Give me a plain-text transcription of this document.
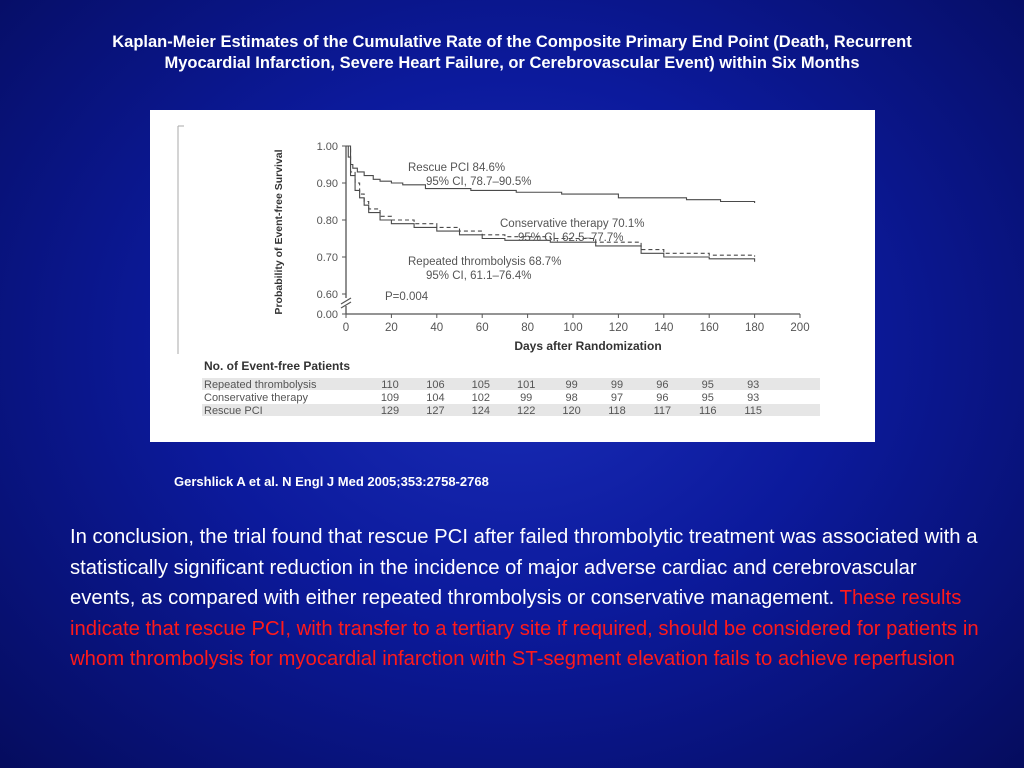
Kaplan-Meier Estimates of the Cumulative Rate of the Composite Primary End Point (Death, Recurrent
Myocardial Infarction, Severe Heart Failure, or Cerebrovascular Event) within Six Months
0.00
0.60
0.70
0.80
0.90
1.00
0	20	40	60	80	100 120 140 160 180 200
Days after Randomization
Probability of Event-free Survival	Rescue PCI 84.6%
95% CI, 78.7–90.5%
Conservative therapy 70.1%
95% CI, 62.5–77.7%
Repeated thrombolysis 68.7%
95% CI, 61.1–76.4%
P=0.004
No. of Event-free Patients
Repeated thrombolysis	110 106 105 101	99	99	96	95	93
Conservative therapy	109 104 102	99	98	97	96	95	93
Rescue PCI	129 127 124 122 120 118	117	116	115
Gershlick A et al. N Engl J Med 2005;353:2758-2768
In conclusion, the trial found that rescue PCI after failed thrombolytic treatment was associated with a statistically significant reduction in the incidence of major adverse cardiac and cerebrovascular events, as compared with either repeated thrombolysis or conservative management. These results indicate that rescue PCI, with transfer to a tertiary site if required, should be considered for patients in whom thrombolysis for myocardial infarction with ST-segment elevation fails to achieve reperfusion
